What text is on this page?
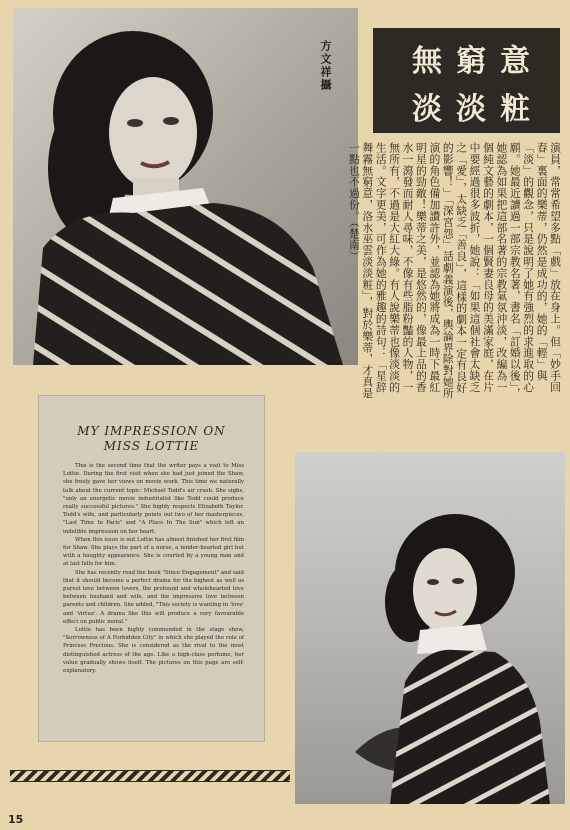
方文祥攝	無窮意
淡淡粧
演員，常常希望多點「戲」放在身上。但「妙手回春」裏面的樂蒂，仍然是成功的，她的「輕」與「淡」的觀念，只是說明了她有強烈的求進取的心願。她最近讀過一部宗教名著，書名「訂婚以後」，她認為如果把這部名著的宗教氣氛沖淡，改編為一個純文藝的劇本，一個賢妻良母的美滿家庭，在片中要經過很多波折，她說：「如果這個社會太缺乏之「愛」，太缺乏「善良」，這樣的劇本一定有良好的影響！」「深宮怨」話劇義演後，輿論界除對她所演的角色備加讚許外，並認為她將成為一時下最紅明星的勁敵！樂蒂之美，是悠然的，像最上品的香水一瀉發而耐人尋味，不像有些脂粉豔的人物，一無所有，不過是大紅大綠。有人說樂蒂也像淡淡的生活。文字更美，可作為她的雅趣的詩句：「星辞舞霧無窮意，洛水巫雲淡淡粧」，對於樂蒂，才真是一點也不過份。（楚南）
MY IMPRESSION ON
MISS LOTTIE

This is the second time that the writer pays a visit to Miss Lottie. During the first visit when she had just joined the Shaw, she freely gave her views on movie work. This time we naturally talk about the current topic: Michael Todd's air crash. She sighs, "only an energetic movie industrialist like Todd could produce really successful pictures." She highly respects Elizabeth Taylor. Todd's wife, and particularly points out two of her masterpieces, "Last Time In Paris" and "A Place In The Sun" which left an indelible impression on her heart.

When this issue is out Lottie has almost finished her first film for Shaw. She plays the part of a nurse, a tender-hearted girl but with a haughty appearance. She is courted by a young man and at last falls for him.

She has recently read the book "Since Engagement" and said that it should become a perfect drama for the highest as well as purest love between lovers, the profound and wholehearted love between husband and wife, and the impressive love between parents and children. She added, "This society is wanting in 'love' and 'virtue'. A drama like this will produce a very favourable effect on public moral."

Lottie has been highly commended in the stage show, "Sorrowness of A Forbidden City" in which she played the role of Princess Precious. She is considered as the rival to the most distinguished actress of the age. Like a high-class perfume, her value gradually shows itself. The pictures on this page are self-explanatory.

15
